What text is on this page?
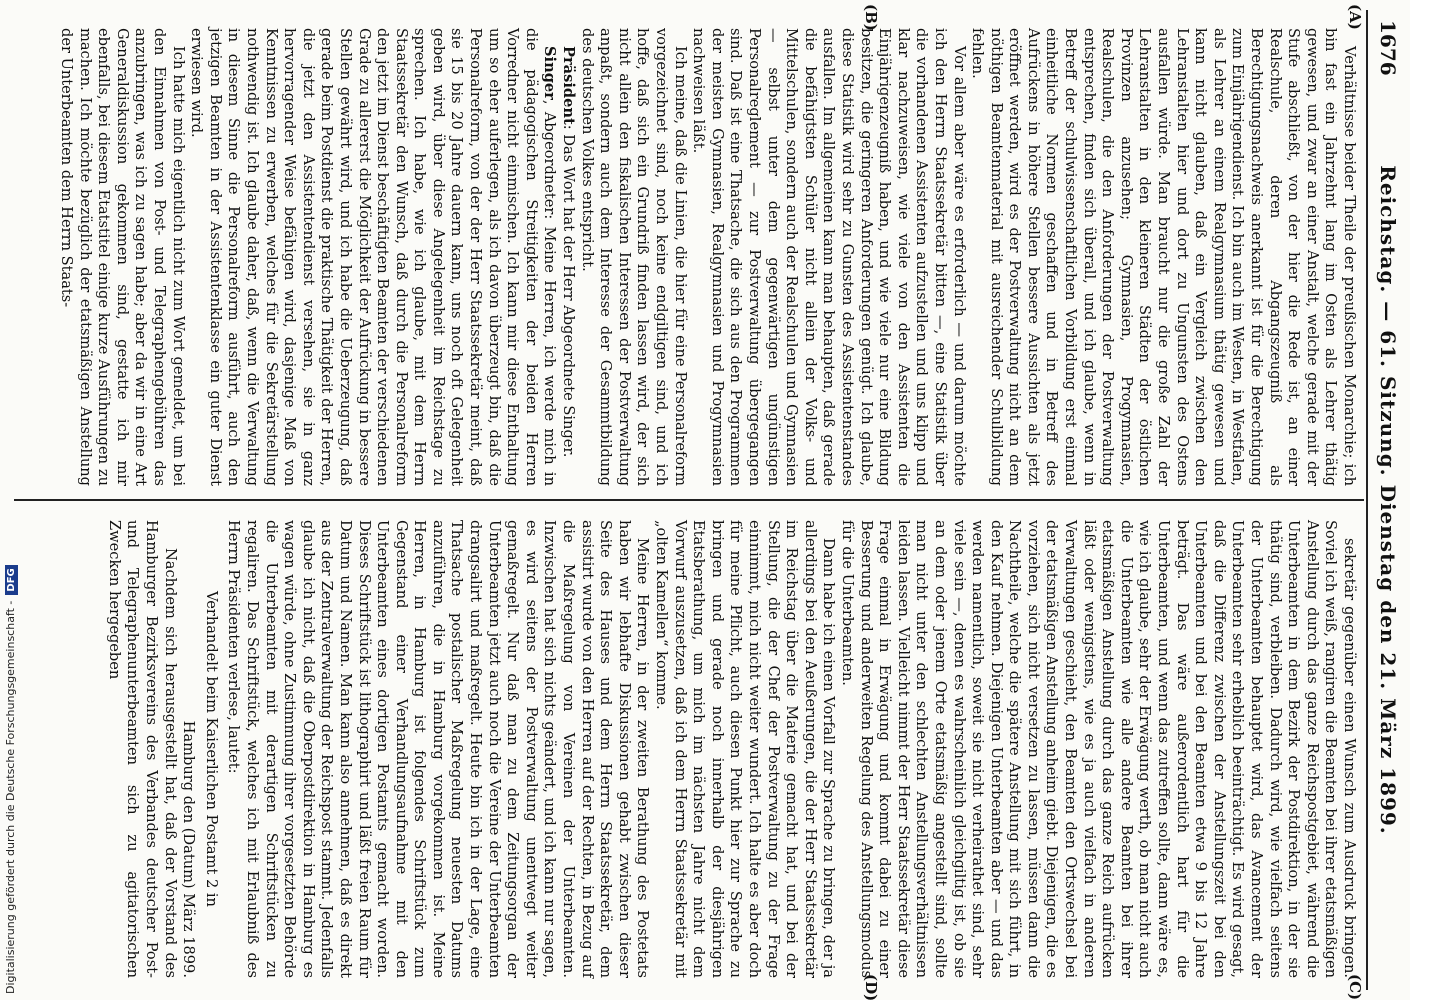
1676
Reichstag. — 61. Sitzung. Dienstag den 21. März 1899.
(A)
(B)
(C)
(D)

Verhältnisse beider Theile der preußischen Monarchie; ich bin fast ein Jahrzehnt lang im Osten als Lehrer thätig gewesen, und zwar an einer Anstalt, welche gerade mit der Stufe abschließt, von der hier die Rede ist, an einer Realschule, deren Abgangszeugniß als Berechtigungsnachweis anerkannt ist für die Berechtigung zum Einjährigendienst. Ich bin auch im Westen, in Westfalen, als Lehrer an einem Realgymnasium thätig gewesen und kann nicht glauben, daß ein Vergleich zwischen den Lehranstalten hier und dort zu Ungunsten des Ostens ausfallen würde. Man braucht nur die große Zahl der Lehranstalten in den kleineren Städten der östlichen Provinzen anzusehen; Gymnasien, Progymnasien, Realschulen, die den Anforderungen der Postverwaltung entsprechen, finden sich überall, und ich glaube, wenn in Betreff der schulwissenschaftlichen Vorbildung erst einmal einheitliche Normen geschaffen und in Betreff des Aufrückens in höhere Stellen bessere Aussichten als jetzt eröffnet werden, wird es der Postverwaltung nicht an dem nöthigen Beamtenmaterial mit ausreichender Schulbildung fehlen.

Vor allem aber wäre es erforderlich — und darum möchte ich den Herrn Staatssekretär bitten —, eine Statistik über die vorhandenen Assistenten aufzustellen und uns klipp und klar nachzuweisen, wie viele von den Assistenten die Einjährigenzeugniß haben, und wie viele nur eine Bildung besitzen, die geringeren Anforderungen genügt. Ich glaube, diese Statistik wird sehr zu Gunsten des Assistentenstandes ausfallen. Im allgemeinen kann man behaupten, daß gerade die befähigtsten Schüler nicht allein der Volks- und Mittelschulen, sondern auch der Realschulen und Gymnasien — selbst unter dem gegenwärtigen ungünstigen Personalreglement — zur Postverwaltung übergegangen sind. Daß ist eine Thatsache, die sich aus den Programmen der meisten Gymnasien, Realgymnasien und Progymnasien nachweisen läßt.

Ich meine, daß die Linien, die hier für eine Personalreform vorgezeichnet sind, noch keine endgiltigen sind, und ich hoffe, daß sich ein Grundriß finden lassen wird, der sich nicht allein den fiskalischen Interessen der Postverwaltung anpaßt, sondern auch dem Interesse der Gesammtbildung des deutschen Volkes entspricht.

Präsident: Das Wort hat der Herr Abgeordnete Singer.

Singer, Abgeordneter: Meine Herren, ich werde mich in die pädagogischen Streitigkeiten der beiden Herren Vorredner nicht einmischen. Ich kann mir diese Enthaltung um so eher auferlegen, als ich davon überzeugt bin, daß die Personalreform, von der der Herr Staatssekretär meint, daß sie 15 bis 20 Jahre dauern kann, uns noch oft Gelegenheit geben wird, über diese Angelegenheit im Reichstage zu sprechen. Ich habe, wie ich glaube, mit dem Herrn Staatssekretär den Wunsch, daß durch die Personalreform den jetzt im Dienst beschäftigten Beamten der verschiedenen Grade zu allererst die Möglichkeit der Aufrückung in bessere Stellen gewährt wird, und ich habe die Ueberzeugung, daß gerade beim Postdienst die praktische Thätigkeit der Herren, die jetzt den Assistentendienst versehen, sie in ganz hervorragender Weise befähigen wird, dasjenige Maß von Kenntnissen zu erwerben, welches für die Sekretärstellung nothwendig ist. Ich glaube daher, daß, wenn die Verwaltung in diesem Sinne die Personalreform ausführt, auch den jetzigen Beamten in der Assistentenklasse ein guter Dienst erwiesen wird.

Ich hatte mich eigentlich nicht zum Wort gemeldet, um bei den Einnahmen von Post- und Telegraphengebühren das anzubringen, was ich zu sagen habe; aber da wir in eine Art Generaldiskussion gekommen sind, gestatte ich mir ebenfalls, bei diesem Etatstitel einige kurze Ausführungen zu machen. Ich möchte bezüglich der etatsmäßigen Anstellung der Unterbeamten dem Herrn Staats-

sekretär gegenüber einen Wunsch zum Ausdruck bringen. Soviel ich weiß, rangiren die Beamten bei ihrer etatsmäßigen Anstellung durch das ganze Reichspostgebiet, während die Unterbeamten in dem Bezirk der Postdirektion, in der sie thätig sind, verbleiben. Dadurch wird, wie vielfach seitens der Unterbeamten behauptet wird, das Avancement der Unterbeamten sehr erheblich beeinträchtigt. Es wird gesagt, daß die Differenz zwischen der Anstellungszeit bei den Unterbeamten und bei den Beamten etwa 9 bis 12 Jahre beträgt. Das wäre außerordentlich hart für die Unterbeamten, und wenn das zutreffen sollte, dann wäre es, wie ich glaube, sehr der Erwägung werth, ob man nicht auch die Unterbeamten wie alle andere Beamten bei ihrer etatsmäßigen Anstellung durch das ganze Reich aufrücken läßt oder wenigstens, wie es ja auch vielfach in anderen Verwaltungen geschieht, den Beamten den Ortswechsel bei der etatsmäßigen Anstellung anheim giebt. Diejenigen, die es vorziehen, sich nicht versetzen zu lassen, müssen dann die Nachtheile, welche die spätere Anstellung mit sich führt, in den Kauf nehmen. Diejenigen Unterbeamten aber — und das werden namentlich, soweit sie nicht verheirathet sind, sehr viele sein —, denen es wahrscheinlich gleichgiltig ist, ob sie an dem oder jenem Orte etatsmäßig angestellt sind, sollte man nicht unter den schlechten Anstellungsverhältnissen leiden lassen. Vielleicht nimmt der Herr Staatssekretär diese Frage einmal in Erwägung und kommt dabei zu einer Besserung und anderweiten Regelung des Anstellungsmodus für die Unterbeamten.

Dann habe ich einen Vorfall zur Sprache zu bringen, der ja allerdings bei den Aeußerungen, die der Herr Staatssekretär im Reichstag über die Materie gemacht hat, und bei der Stellung, die der Chef der Postverwaltung zu der Frage einnimmt, mich nicht weiter wundert. Ich halte es aber doch für meine Pflicht, auch diesen Punkt hier zur Sprache zu bringen und gerade noch innerhalb der diesjährigen Etatsberathung, um mich im nächsten Jahre nicht dem Vorwurf auszusetzen, daß ich dem Herrn Staatssekretär mit „olten Kamellen“ komme.

Meine Herren, in der zweiten Berathung des Postetats haben wir lebhafte Diskussionen gehabt zwischen dieser Seite des Hauses und dem Herrn Staatssekretär, dem assistirt wurde von den Herren auf der Rechten, in Bezug auf die Maßregelung von Vereinen der Unterbeamten. Inzwischen hat sich nichts geändert, und ich kann nur sagen, es wird seitens der Postverwaltung unentwegt weiter gemaßregelt. Nur daß man zu dem Zeitungsorgan der Unterbeamten jetzt auch noch die Vereine der Unterbeamten drangsalirt und maßregelt. Heute bin ich in der Lage, eine Thatsache postalischer Maßregelung neuesten Datums anzuführen, die in Hamburg vorgekommen ist. Meine Herren, in Hamburg ist folgendes Schriftstück zum Gegenstand einer Verhandlungsaufnahme mit den Unterbeamten eines dortigen Postamts gemacht worden. Dieses Schriftstück ist lithographirt und läßt freien Raum für Datum und Namen. Man kann also annehmen, daß es direkt aus der Zentralverwaltung der Reichspost stammt. Jedenfalls glaube ich nicht, daß die Oberpostdirektion in Hamburg es wagen würde, ohne Zustimmung ihrer vorgesetzten Behörde die Unterbeamten mit derartigen Schriftstücken zu regaliren. Das Schriftstück, welches ich mit Erlaubniß des Herrn Präsidenten verlese, lautet:

Verhandelt beim Kaiserlichen Postamt 2 in

Hamburg den (Datum) März 1899.

Nachdem sich herausgestellt hat, daß der Vorstand des Hamburger Bezirksvereins des Verbandes deutscher Post- und Telegraphenunterbeamten sich zu agitatorischen Zwecken hergegeben

Digitalisierung gefördert durch die Deutsche Forschungsgemeinschaft -DFG
